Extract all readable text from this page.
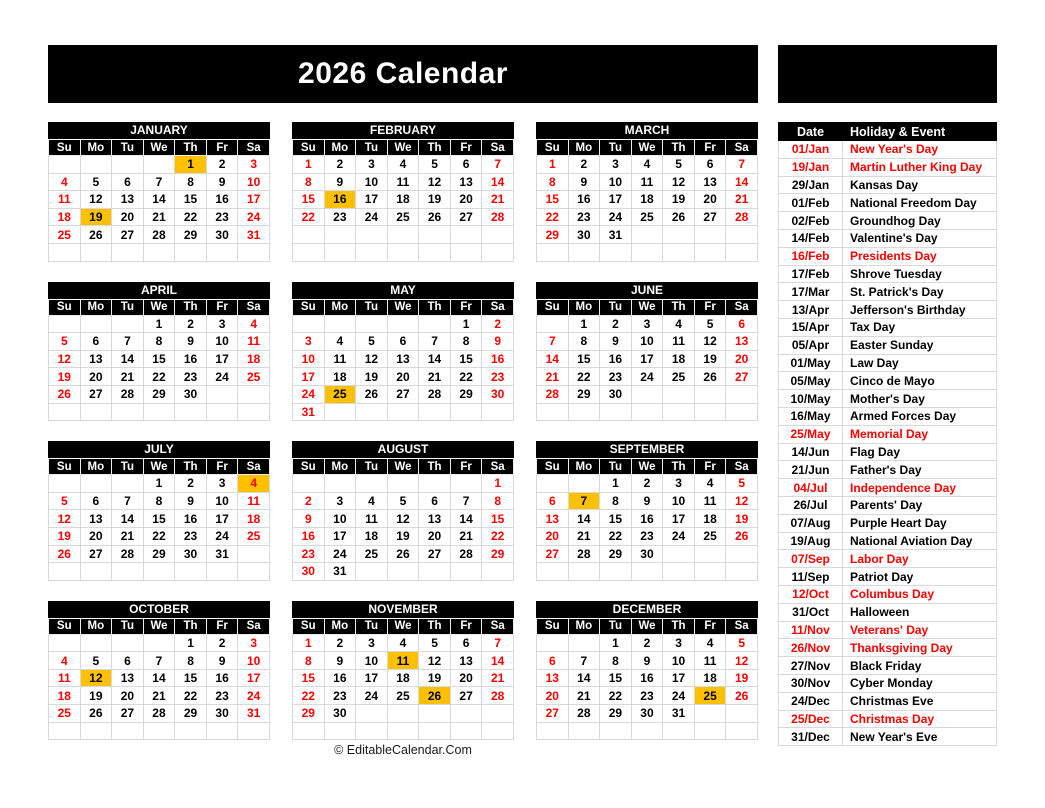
2026 Calendar
JANUARY
Su	Mo	Tu	We	Th	Fr	Sa
				1	2	3
4	5	6	7	8	9	10
11	12	13	14	15	16	17
18	19	20	21	22	23	24
25	26	27	28	29	30	31

FEBRUARY
Su	Mo	Tu	We	Th	Fr	Sa
1	2	3	4	5	6	7
8	9	10	11	12	13	14
15	16	17	18	19	20	21
22	23	24	25	26	27	28

MARCH
Su	Mo	Tu	We	Th	Fr	Sa
1	2	3	4	5	6	7
8	9	10	11	12	13	14
15	16	17	18	19	20	21
22	23	24	25	26	27	28
29	30	31				

APRIL
Su	Mo	Tu	We	Th	Fr	Sa
			1	2	3	4
5	6	7	8	9	10	11
12	13	14	15	16	17	18
19	20	21	22	23	24	25
26	27	28	29	30		

MAY
Su	Mo	Tu	We	Th	Fr	Sa
					1	2
3	4	5	6	7	8	9
10	11	12	13	14	15	16
17	18	19	20	21	22	23
24	25	26	27	28	29	30
31						
JUNE
Su	Mo	Tu	We	Th	Fr	Sa
	1	2	3	4	5	6
7	8	9	10	11	12	13
14	15	16	17	18	19	20
21	22	23	24	25	26	27
28	29	30				

JULY
Su	Mo	Tu	We	Th	Fr	Sa
			1	2	3	4
5	6	7	8	9	10	11
12	13	14	15	16	17	18
19	20	21	22	23	24	25
26	27	28	29	30	31	

AUGUST
Su	Mo	Tu	We	Th	Fr	Sa
						1
2	3	4	5	6	7	8
9	10	11	12	13	14	15
16	17	18	19	20	21	22
23	24	25	26	27	28	29
30	31					
SEPTEMBER
Su	Mo	Tu	We	Th	Fr	Sa
		1	2	3	4	5
6	7	8	9	10	11	12
13	14	15	16	17	18	19
20	21	22	23	24	25	26
27	28	29	30			

OCTOBER
Su	Mo	Tu	We	Th	Fr	Sa
				1	2	3
4	5	6	7	8	9	10
11	12	13	14	15	16	17
18	19	20	21	22	23	24
25	26	27	28	29	30	31

NOVEMBER
Su	Mo	Tu	We	Th	Fr	Sa
1	2	3	4	5	6	7
8	9	10	11	12	13	14
15	16	17	18	19	20	21
22	23	24	25	26	27	28
29	30					

DECEMBER
Su	Mo	Tu	We	Th	Fr	Sa
		1	2	3	4	5
6	7	8	9	10	11	12
13	14	15	16	17	18	19
20	21	22	23	24	25	26
27	28	29	30	31		

Date	Holiday & Event
01/Jan	New Year's Day
19/Jan	Martin Luther King Day
29/Jan	Kansas Day
01/Feb	National Freedom Day
02/Feb	Groundhog Day
14/Feb	Valentine's Day
16/Feb	Presidents Day
17/Feb	Shrove Tuesday
17/Mar	St. Patrick's Day
13/Apr	Jefferson's Birthday
15/Apr	Tax Day
05/Apr	Easter Sunday
01/May	Law Day
05/May	Cinco de Mayo
10/May	Mother's Day
16/May	Armed Forces Day
25/May	Memorial Day
14/Jun	Flag Day
21/Jun	Father's Day
04/Jul	Independence Day
26/Jul	Parents' Day
07/Aug	Purple Heart Day
19/Aug	National Aviation Day
07/Sep	Labor Day
11/Sep	Patriot Day
12/Oct	Columbus Day
31/Oct	Halloween
11/Nov	Veterans' Day
26/Nov	Thanksgiving Day
27/Nov	Black Friday
30/Nov	Cyber Monday
24/Dec	Christmas Eve
25/Dec	Christmas Day
31/Dec	New Year's Eve
© EditableCalendar.Com
